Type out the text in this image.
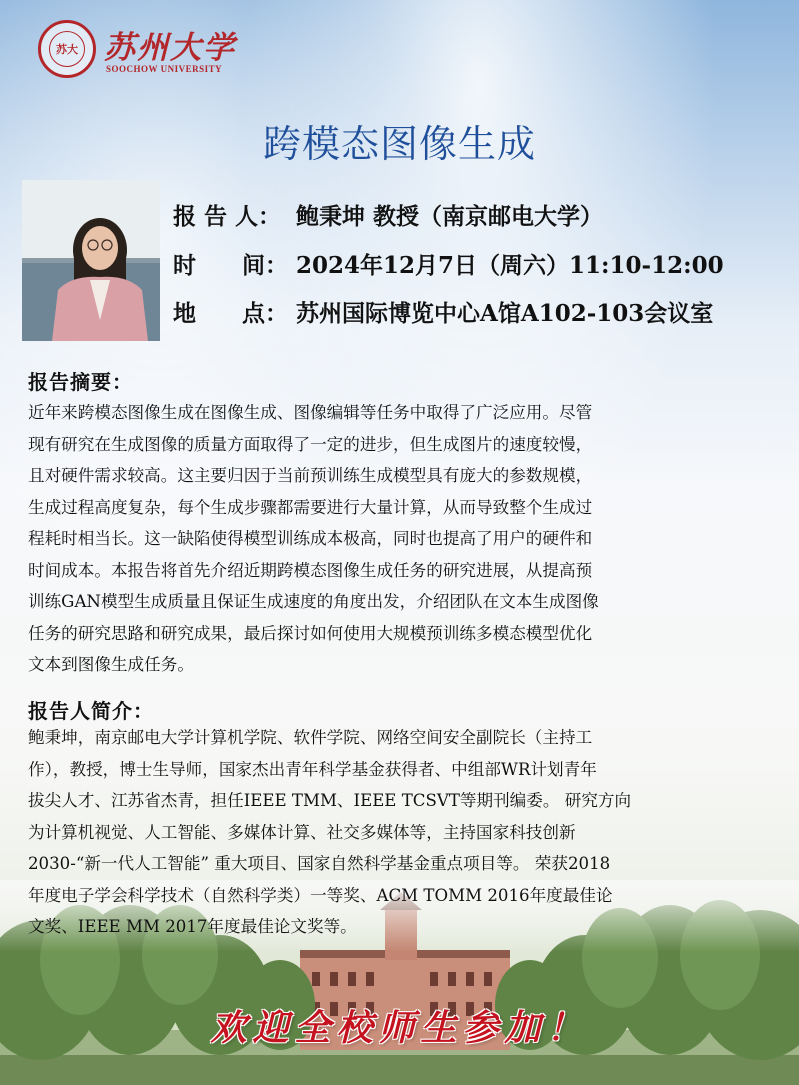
苏大 苏州大学
SOOCHOW UNIVERSITY
跨模态图像生成
报 告 人： 鲍秉坤 教授（南京邮电大学）
时　　间： 2024年12月7日（周六）11:10-12:00
地　　点： 苏州国际博览中心A馆A102-103会议室
报告摘要：
近年来跨模态图像生成在图像生成、图像编辑等任务中取得了广泛应用。尽管
现有研究在生成图像的质量方面取得了一定的进步，但生成图片的速度较慢，
且对硬件需求较高。这主要归因于当前预训练生成模型具有庞大的参数规模，
生成过程高度复杂，每个生成步骤都需要进行大量计算，从而导致整个生成过
程耗时相当长。这一缺陷使得模型训练成本极高，同时也提高了用户的硬件和
时间成本。本报告将首先介绍近期跨模态图像生成任务的研究进展，从提高预
训练GAN模型生成质量且保证生成速度的角度出发，介绍团队在文本生成图像
任务的研究思路和研究成果，最后探讨如何使用大规模预训练多模态模型优化
文本到图像生成任务。
报告人简介：
鲍秉坤，南京邮电大学计算机学院、软件学院、网络空间安全副院长（主持工
作），教授，博士生导师，国家杰出青年科学基金获得者、中组部WR计划青年
拔尖人才、江苏省杰青，担任IEEE TMM、IEEE TCSVT等期刊编委。 研究方向
为计算机视觉、人工智能、多媒体计算、社交多媒体等，主持国家科技创新
2030-“新一代人工智能” 重大项目、国家自然科学基金重点项目等。 荣获2018
年度电子学会科学技术（自然科学类）一等奖、ACM TOMM 2016年度最佳论
文奖、IEEE MM 2017年度最佳论文奖等。
欢迎全校师生参加！
